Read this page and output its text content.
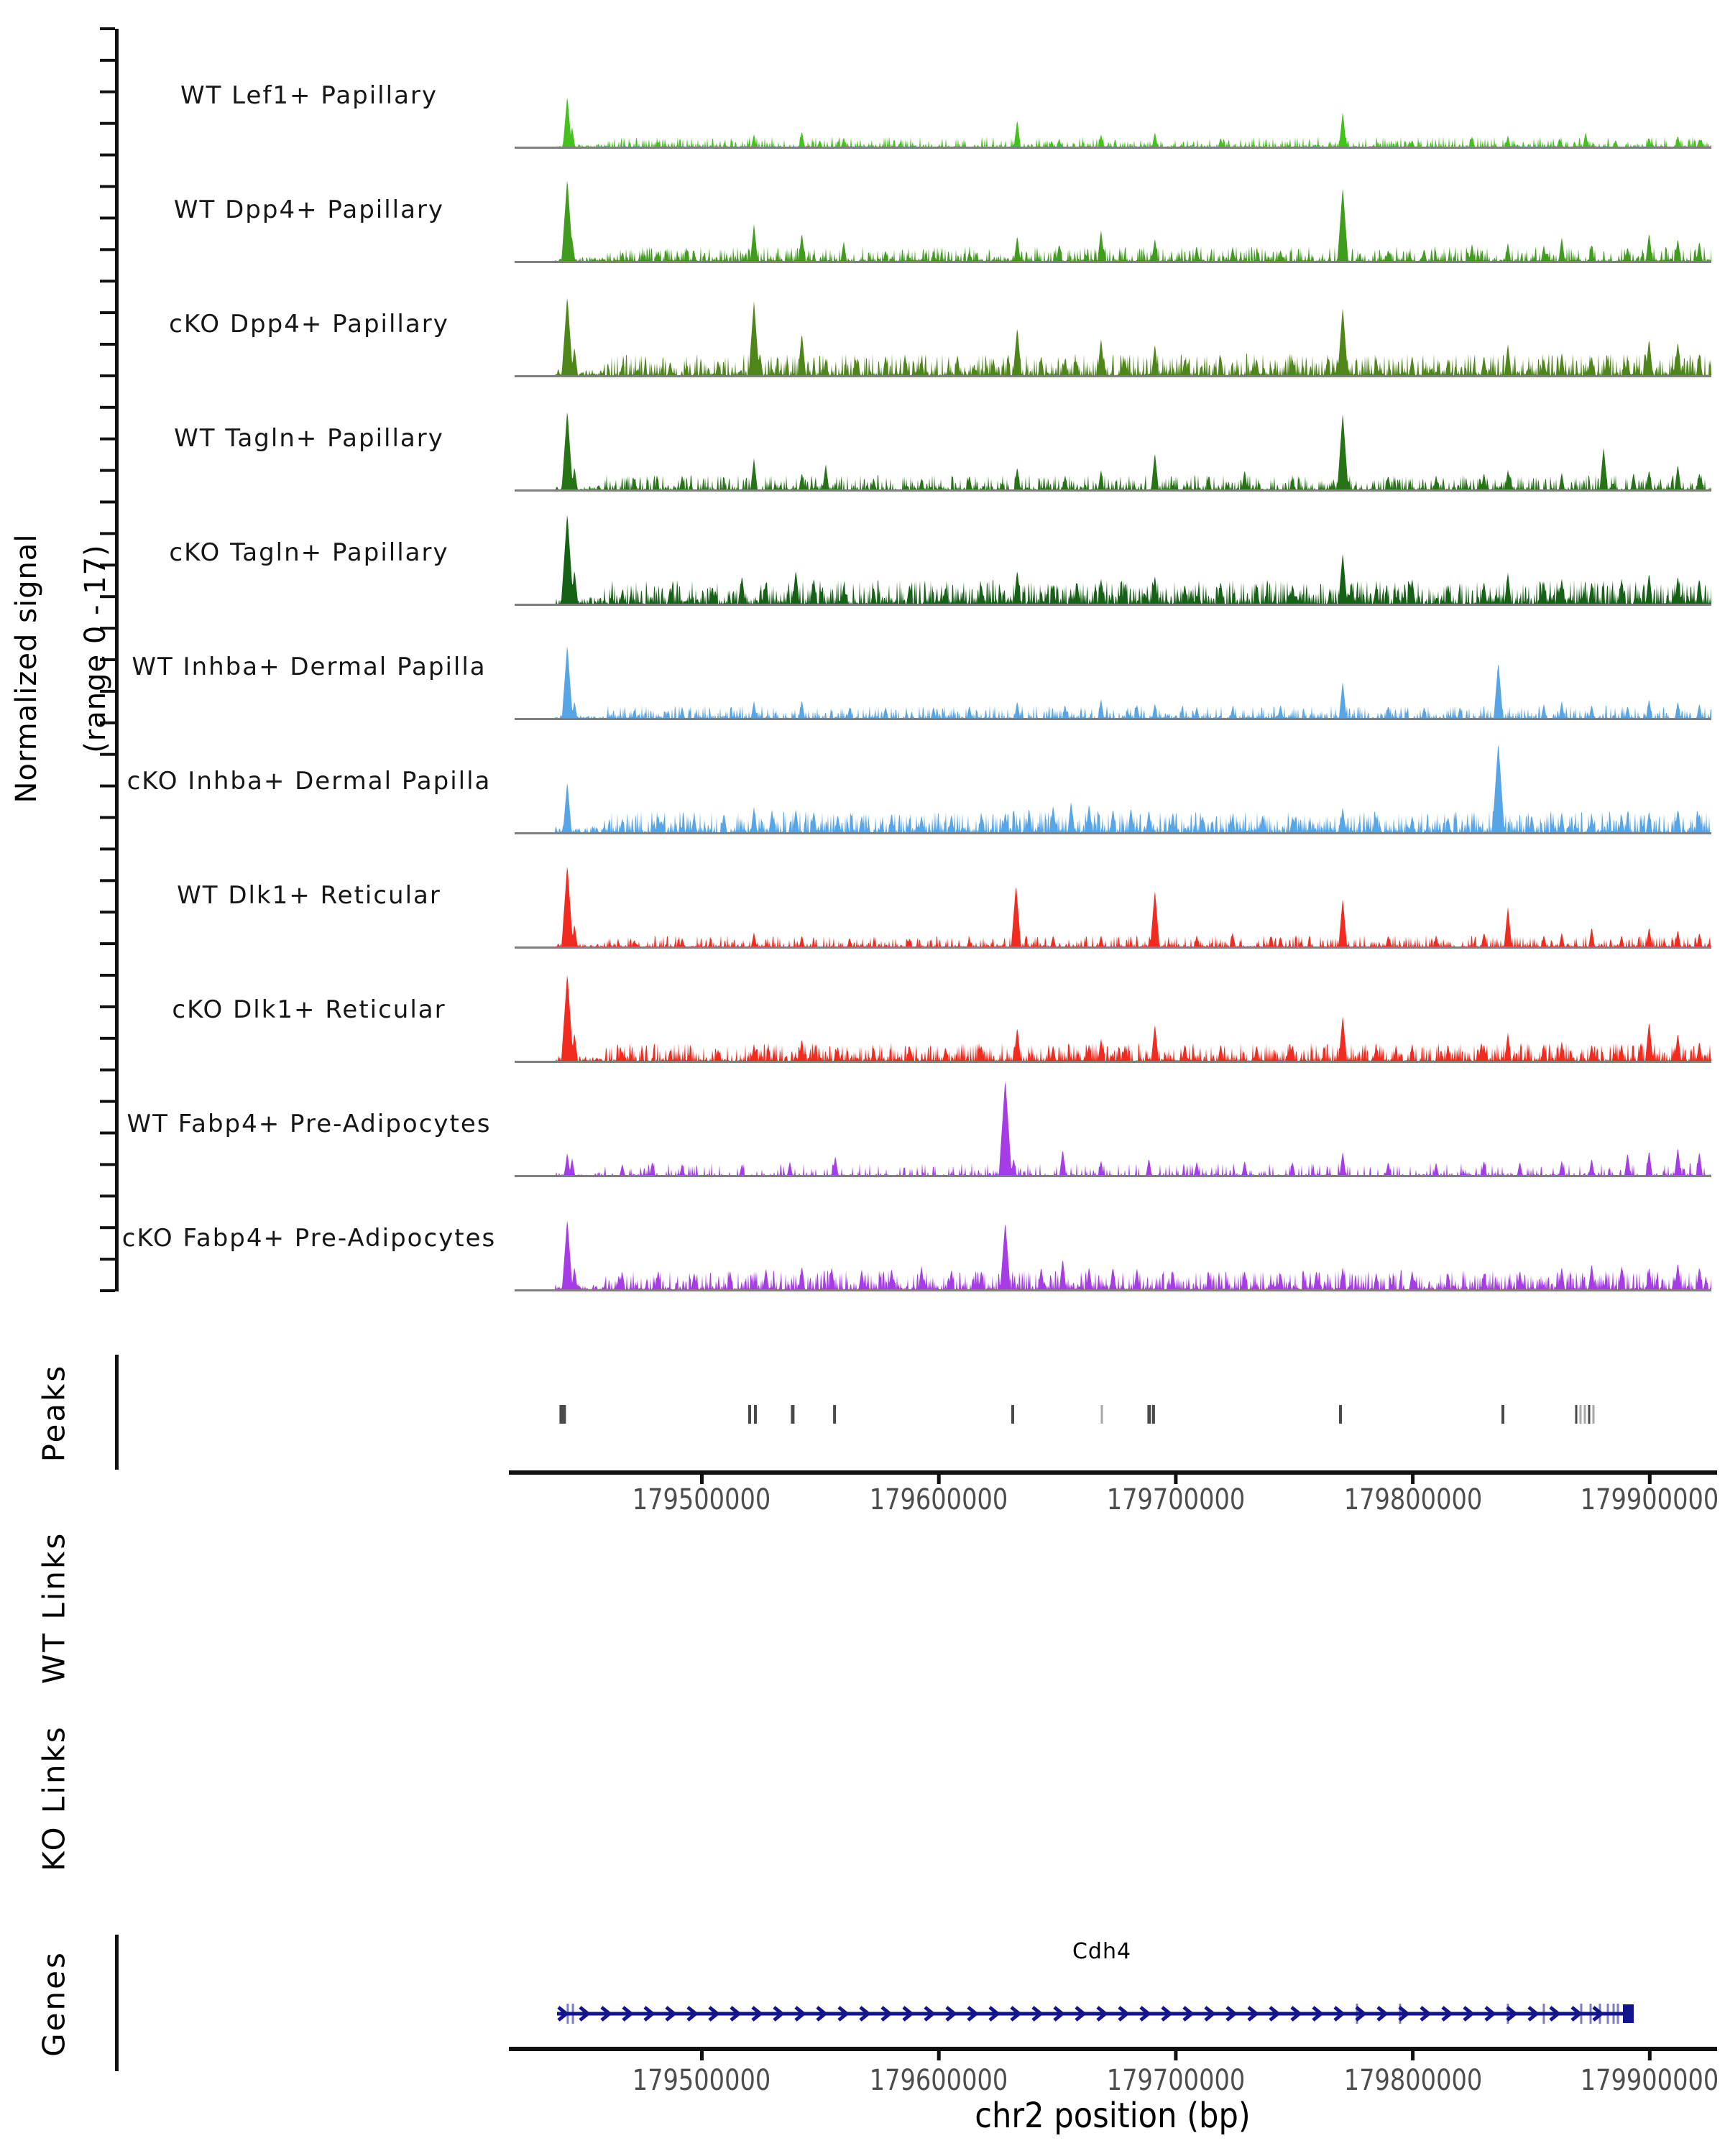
Normalized signal (range 0 - 17)
WT Lef1+ Papillary
WT Dpp4+ Papillary
cKO Dpp4+ Papillary
WT Tagln+ Papillary
cKO Tagln+ Papillary
WT Inhba+ Dermal Papilla
cKO Inhba+ Dermal Papilla
WT Dlk1+ Reticular
cKO Dlk1+ Reticular
WT Fabp4+ Pre-Adipocytes
cKO Fabp4+ Pre-Adipocytes
Peaks
WT Links
KO Links
Genes
179500000	179600000	179700000	179800000	179900000
Cdh4
179500000	179600000	179700000	179800000	179900000
chr2 position (bp)
